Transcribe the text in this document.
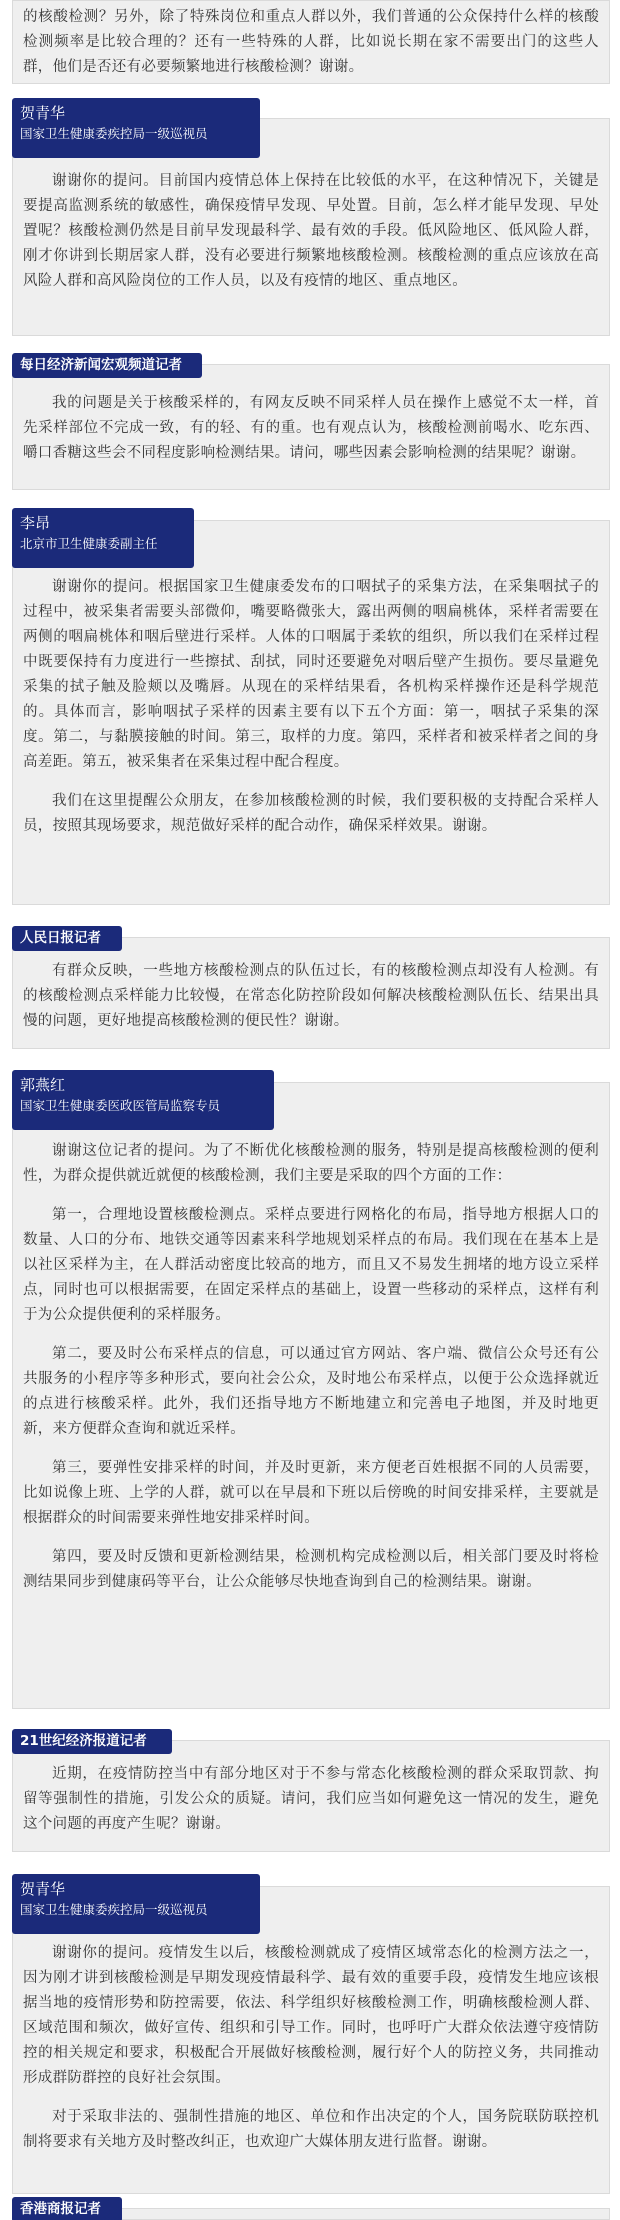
的核酸检测？另外，除了特殊岗位和重点人群以外，我们普通的公众保持什么样的核酸检测频率是比较合理的？还有一些特殊的人群，比如说长期在家不需要出门的这些人群，他们是否还有必要频繁地进行核酸检测？谢谢。

谢谢你的提问。目前国内疫情总体上保持在比较低的水平，在这种情况下，关键是要提高监测系统的敏感性，确保疫情早发现、早处置。目前，怎么样才能早发现、早处置呢？核酸检测仍然是目前早发现最科学、最有效的手段。低风险地区、低风险人群，刚才你讲到长期居家人群，没有必要进行频繁地核酸检测。核酸检测的重点应该放在高风险人群和高风险岗位的工作人员，以及有疫情的地区、重点地区。

贺青华
国家卫生健康委疾控局一级巡视员

我的问题是关于核酸采样的，有网友反映不同采样人员在操作上感觉不太一样，首先采样部位不完成一致，有的轻、有的重。也有观点认为，核酸检测前喝水、吃东西、嚼口香糖这些会不同程度影响检测结果。请问，哪些因素会影响检测的结果呢？谢谢。

每日经济新闻宏观频道记者

谢谢你的提问。根据国家卫生健康委发布的口咽拭子的采集方法，在采集咽拭子的过程中，被采集者需要头部微仰，嘴要略微张大，露出两侧的咽扁桃体，采样者需要在两侧的咽扁桃体和咽后壁进行采样。人体的口咽属于柔软的组织，所以我们在采样过程中既要保持有力度进行一些擦拭、刮拭，同时还要避免对咽后壁产生损伤。要尽量避免采集的拭子触及脸颊以及嘴唇。从现在的采样结果看，各机构采样操作还是科学规范的。具体而言，影响咽拭子采样的因素主要有以下五个方面：第一，咽拭子采集的深度。第二，与黏膜接触的时间。第三，取样的力度。第四，采样者和被采样者之间的身高差距。第五，被采集者在采集过程中配合程度。

我们在这里提醒公众朋友，在参加核酸检测的时候，我们要积极的支持配合采样人员，按照其现场要求，规范做好采样的配合动作，确保采样效果。谢谢。

李昂
北京市卫生健康委副主任

有群众反映，一些地方核酸检测点的队伍过长，有的核酸检测点却没有人检测。有的核酸检测点采样能力比较慢，在常态化防控阶段如何解决核酸检测队伍长、结果出具慢的问题，更好地提高核酸检测的便民性？谢谢。

人民日报记者

谢谢这位记者的提问。为了不断优化核酸检测的服务，特别是提高核酸检测的便利性，为群众提供就近就便的核酸检测，我们主要是采取的四个方面的工作：

第一，合理地设置核酸检测点。采样点要进行网格化的布局，指导地方根据人口的数量、人口的分布、地铁交通等因素来科学地规划采样点的布局。我们现在在基本上是以社区采样为主，在人群活动密度比较高的地方，而且又不易发生拥堵的地方设立采样点，同时也可以根据需要，在固定采样点的基础上，设置一些移动的采样点，这样有利于为公众提供便利的采样服务。

第二，要及时公布采样点的信息，可以通过官方网站、客户端、微信公众号还有公共服务的小程序等多种形式，要向社会公众，及时地公布采样点，以便于公众选择就近的点进行核酸采样。此外，我们还指导地方不断地建立和完善电子地图，并及时地更新，来方便群众查询和就近采样。

第三，要弹性安排采样的时间，并及时更新，来方便老百姓根据不同的人员需要，比如说像上班、上学的人群，就可以在早晨和下班以后傍晚的时间安排采样，主要就是根据群众的时间需要来弹性地安排采样时间。

第四，要及时反馈和更新检测结果，检测机构完成检测以后，相关部门要及时将检测结果同步到健康码等平台，让公众能够尽快地查询到自己的检测结果。谢谢。

郭燕红
国家卫生健康委医政医管局监察专员

近期，在疫情防控当中有部分地区对于不参与常态化核酸检测的群众采取罚款、拘留等强制性的措施，引发公众的质疑。请问，我们应当如何避免这一情况的发生，避免这个问题的再度产生呢？谢谢。

21世纪经济报道记者

谢谢你的提问。疫情发生以后，核酸检测就成了疫情区域常态化的检测方法之一，因为刚才讲到核酸检测是早期发现疫情最科学、最有效的重要手段，疫情发生地应该根据当地的疫情形势和防控需要，依法、科学组织好核酸检测工作，明确核酸检测人群、区域范围和频次，做好宣传、组织和引导工作。同时，也呼吁广大群众依法遵守疫情防控的相关规定和要求，积极配合开展做好核酸检测，履行好个人的防控义务，共同推动形成群防群控的良好社会氛围。

对于采取非法的、强制性措施的地区、单位和作出决定的个人，国务院联防联控机制将要求有关地方及时整改纠正，也欢迎广大媒体朋友进行监督。谢谢。

贺青华
国家卫生健康委疾控局一级巡视员
香港商报记者
